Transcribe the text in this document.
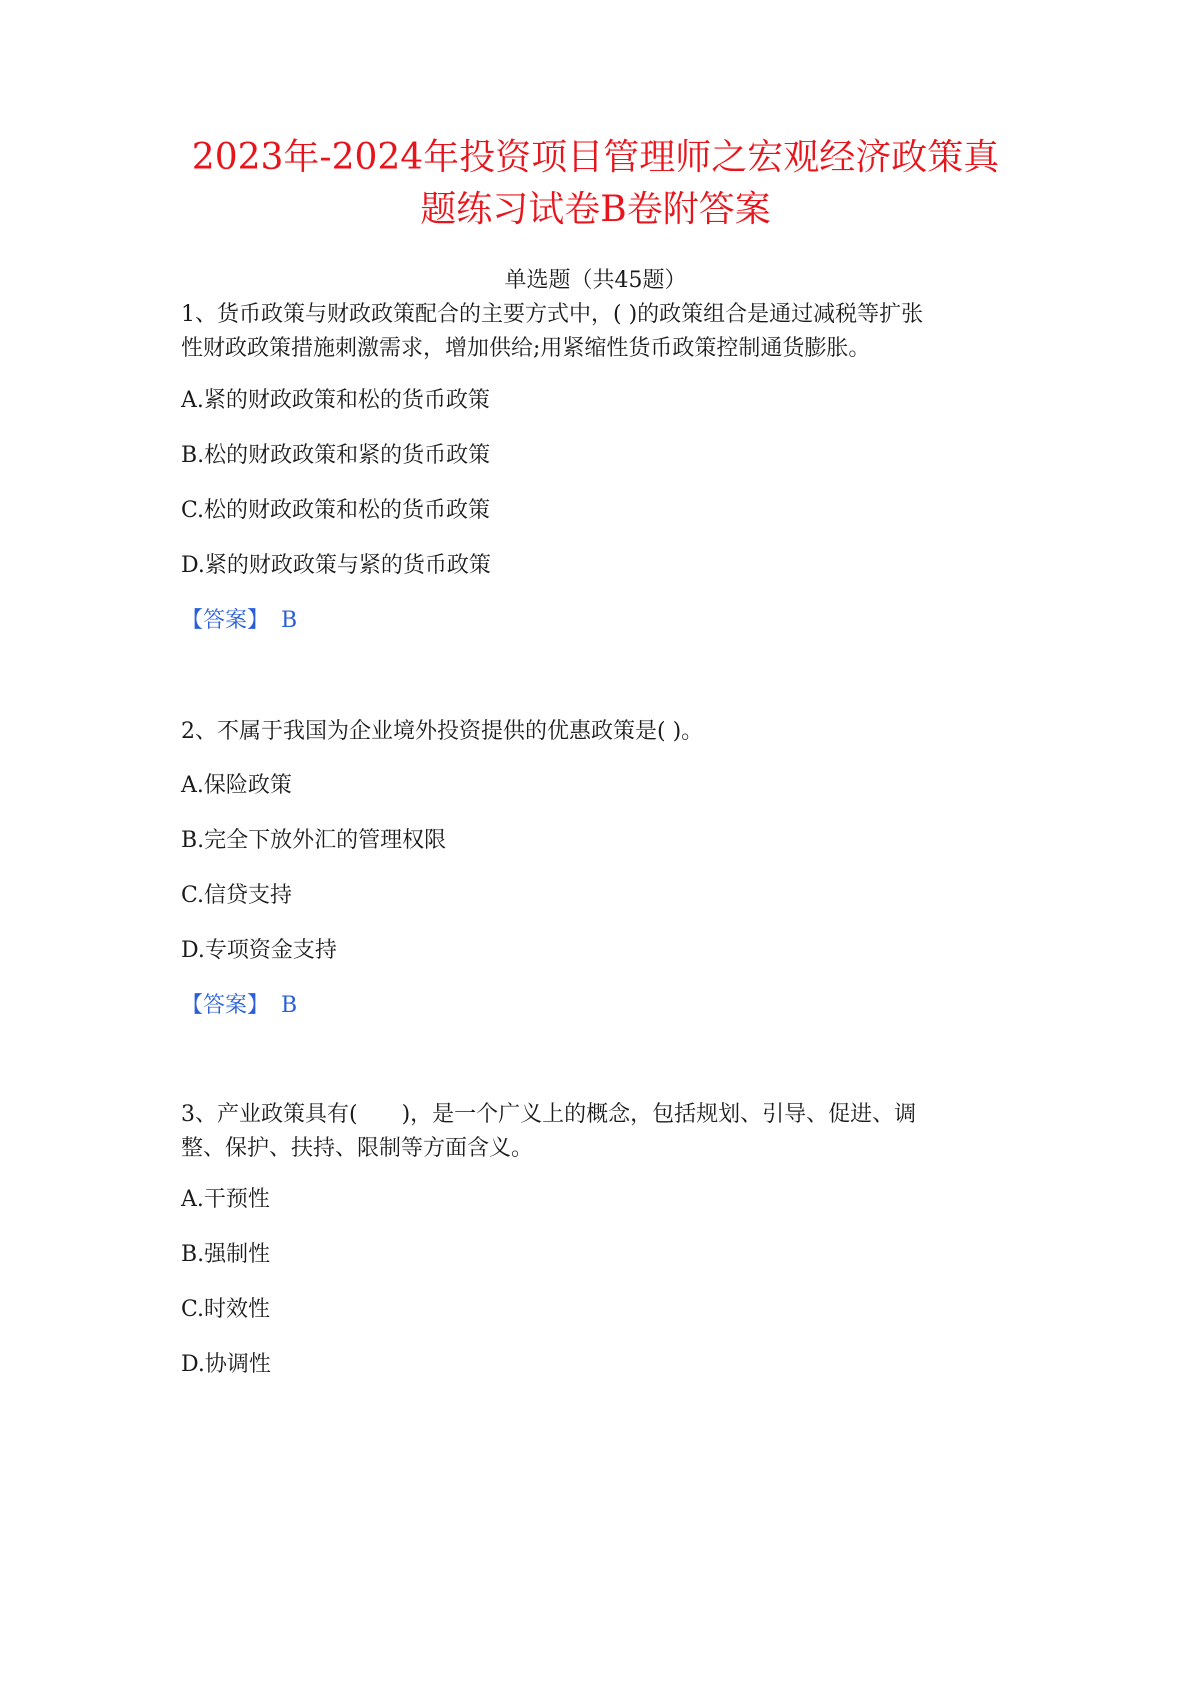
2023年-2024年投资项目管理师之宏观经济政策真
题练习试卷B卷附答案
单选题（共45题）
1、货币政策与财政政策配合的主要方式中，( )的政策组合是通过减税等扩张
性财政政策措施刺激需求，增加供给;用紧缩性货币政策控制通货膨胀。
A.紧的财政政策和松的货币政策
B.松的财政政策和紧的货币政策
C.松的财政政策和松的货币政策
D.紧的财政政策与紧的货币政策
【答案】 B
2、不属于我国为企业境外投资提供的优惠政策是( )。
A.保险政策
B.完全下放外汇的管理权限
C.信贷支持
D.专项资金支持
【答案】 B
3、产业政策具有(　　)，是一个广义上的概念，包括规划、引导、促进、调
整、保护、扶持、限制等方面含义。
A.干预性
B.强制性
C.时效性
D.协调性
